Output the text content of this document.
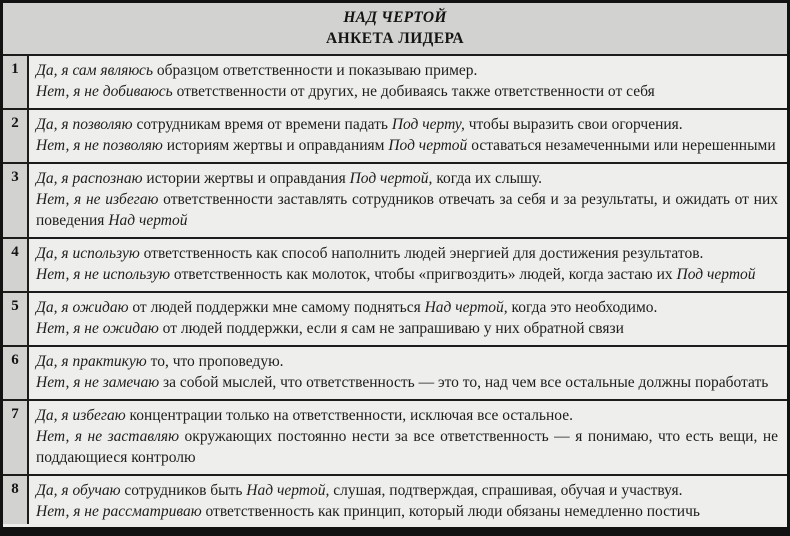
НАД ЧЕРТОЙ
АНКЕТА ЛИДЕРА
1	Да, я сам являюсь образцом ответственности и показываю пример.

Нет, я не добиваюсь ответственности от других, не добиваясь также ответственности от себя

2	Да, я позволяю сотрудникам время от времени падать Под черту, чтобы выразить свои огорчения.

Нет, я не позволяю историям жертвы и оправданиям Под чертой оставаться незамеченными или нерешенными

3	Да, я распознаю истории жертвы и оправдания Под чертой, когда их слышу.

Нет, я не избегаю ответственности заставлять сотрудников отвечать за себя и за результаты, и ожидать от них поведения Над чертой

4	Да, я использую ответственность как способ наполнить людей энергией для достижения результатов.

Нет, я не использую ответственность как молоток, чтобы «пригвоздить» людей, когда застаю их Под чертой

5	Да, я ожидаю от людей поддержки мне самому подняться Над чертой, когда это необходимо.

Нет, я не ожидаю от людей поддержки, если я сам не запрашиваю у них обратной связи

6	Да, я практикую то, что проповедую.

Нет, я не замечаю за собой мыслей, что ответственность — это то, над чем все остальные должны поработать

7	Да, я избегаю концентрации только на ответственности, исключая все остальное.

Нет, я не заставляю окружающих постоянно нести за все ответственность — я понимаю, что есть вещи, не поддающиеся контролю

8	Да, я обучаю сотрудников быть Над чертой, слушая, подтверждая, спрашивая, обучая и участвуя.

Нет, я не рассматриваю ответственность как принцип, который люди обязаны немедленно постичь
